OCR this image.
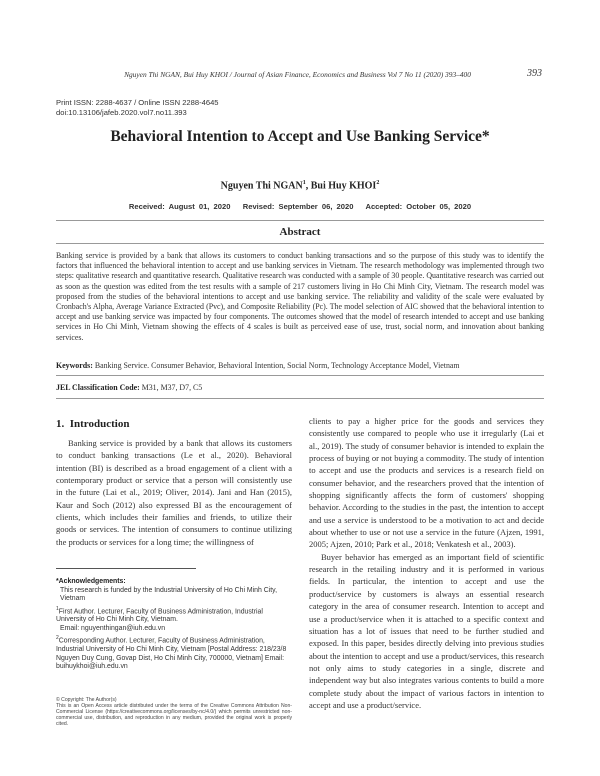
Nguyen Thi NGAN, Bui Huy KHOI / Journal of Asian Finance, Economics and Business Vol 7 No 11 (2020) 393–400	393
Print ISSN: 2288-4637 / Online ISSN 2288-4645
doi:10.13106/jafeb.2020.vol7.no11.393
Behavioral Intention to Accept and Use Banking Service*
Nguyen Thi NGAN$^1$, Bui Huy KHOI$^2$
Received: August 01, 2020   Revised: September 06, 2020   Accepted: October 05, 2020
Abstract
Banking service is provided by a bank that allows its customers to conduct banking transactions and so the purpose of this study was to identify the factors that influenced the behavioral intention to accept and use banking services in Vietnam. The research methodology was implemented through two steps: qualitative research and quantitative research. Qualitative research was conducted with a sample of 30 people. Quantitative research was carried out as soon as the question was edited from the test results with a sample of 217 customers living in Ho Chi Minh City, Vietnam. The research model was proposed from the studies of the behavioral intentions to accept and use banking service. The reliability and validity of the scale were evaluated by Cronbach's Alpha, Average Variance Extracted (Pvc), and Composite Reliability (Pc). The model selection of AIC showed that the behavioral intention to accept and use banking service was impacted by four components. The outcomes showed that the model of research intended to accept and use banking services in Ho Chi Minh, Vietnam showing the effects of 4 scales is built as perceived ease of use, trust, social norm, and innovation about banking services.
Keywords: Banking Service. Consumer Behavior, Behavioral Intention, Social Norm, Technology Acceptance Model, Vietnam
JEL Classification Code: M31, M37, D7, C5
1.  Introduction

Banking service is provided by a bank that allows its customers to conduct banking transactions (Le et al., 2020). Behavioral intention (BI) is described as a broad engagement of a client with a contemporary product or service that a person will consistently use in the future (Lai et al., 2019; Oliver, 2014). Jani and Han (2015), Kaur and Soch (2012) also expressed BI as the encouragement of clients, which includes their families and friends, to utilize their goods or services. The intention of consumers to continue utilizing the products or services for a long time; the willingness of

clients to pay a higher price for the goods and services they consistently use compared to people who use it irregularly (Lai et al., 2019). The study of consumer behavior is intended to explain the process of buying or not buying a commodity. The study of intention to accept and use the products and services is a research field on consumer behavior, and the researchers proved that the intention of shopping significantly affects the form of customers' shopping behavior. According to the studies in the past, the intention to accept and use a service is understood to be a motivation to act and decide about whether to use or not use a service in the future (Ajzen, 1991, 2005; Ajzen, 2010; Park et al., 2018; Venkatesh et al., 2003).

Buyer behavior has emerged as an important field of scientific research in the retailing industry and it is performed in various fields. In particular, the intention to accept and use the product/service by customers is always an essential research category in the area of consumer research. Intention to accept and use a product/service when it is attached to a specific context and situation has a lot of issues that need to be further studied and exposed. In this paper, besides directly delving into previous studies about the intention to accept and use a product/services, this research not only aims to study categories in a single, discrete and independent way but also integrates various contents to build a more complete study about the impact of various factors in intention to accept and use a product/service.

*Acknowledgements:
This research is funded by the Industrial University of Ho Chi Minh City, Vietnam
$^1$First Author. Lecturer, Faculty of Business Administration, Industrial University of Ho Chi Minh City, Vietnam.
Email: nguyenthingan@iuh.edu.vn
$^2$Corresponding Author. Lecturer, Faculty of Business Administration, Industrial University of Ho Chi Minh City, Vietnam [Postal Address: 218/23/8 Nguyen Duy Cung, Govap Dist, Ho Chi Minh City, 700000, Vietnam] Email: buihuykhoi@iuh.edu.vn
© Copyright: The Author(s)
This is an Open Access article distributed under the terms of the Creative Commons Attribution Non-Commercial License (https://creativecommons.org/licenses/by-nc/4.0/) which permits unrestricted non-commercial use, distribution, and reproduction in any medium, provided the original work is properly cited.
